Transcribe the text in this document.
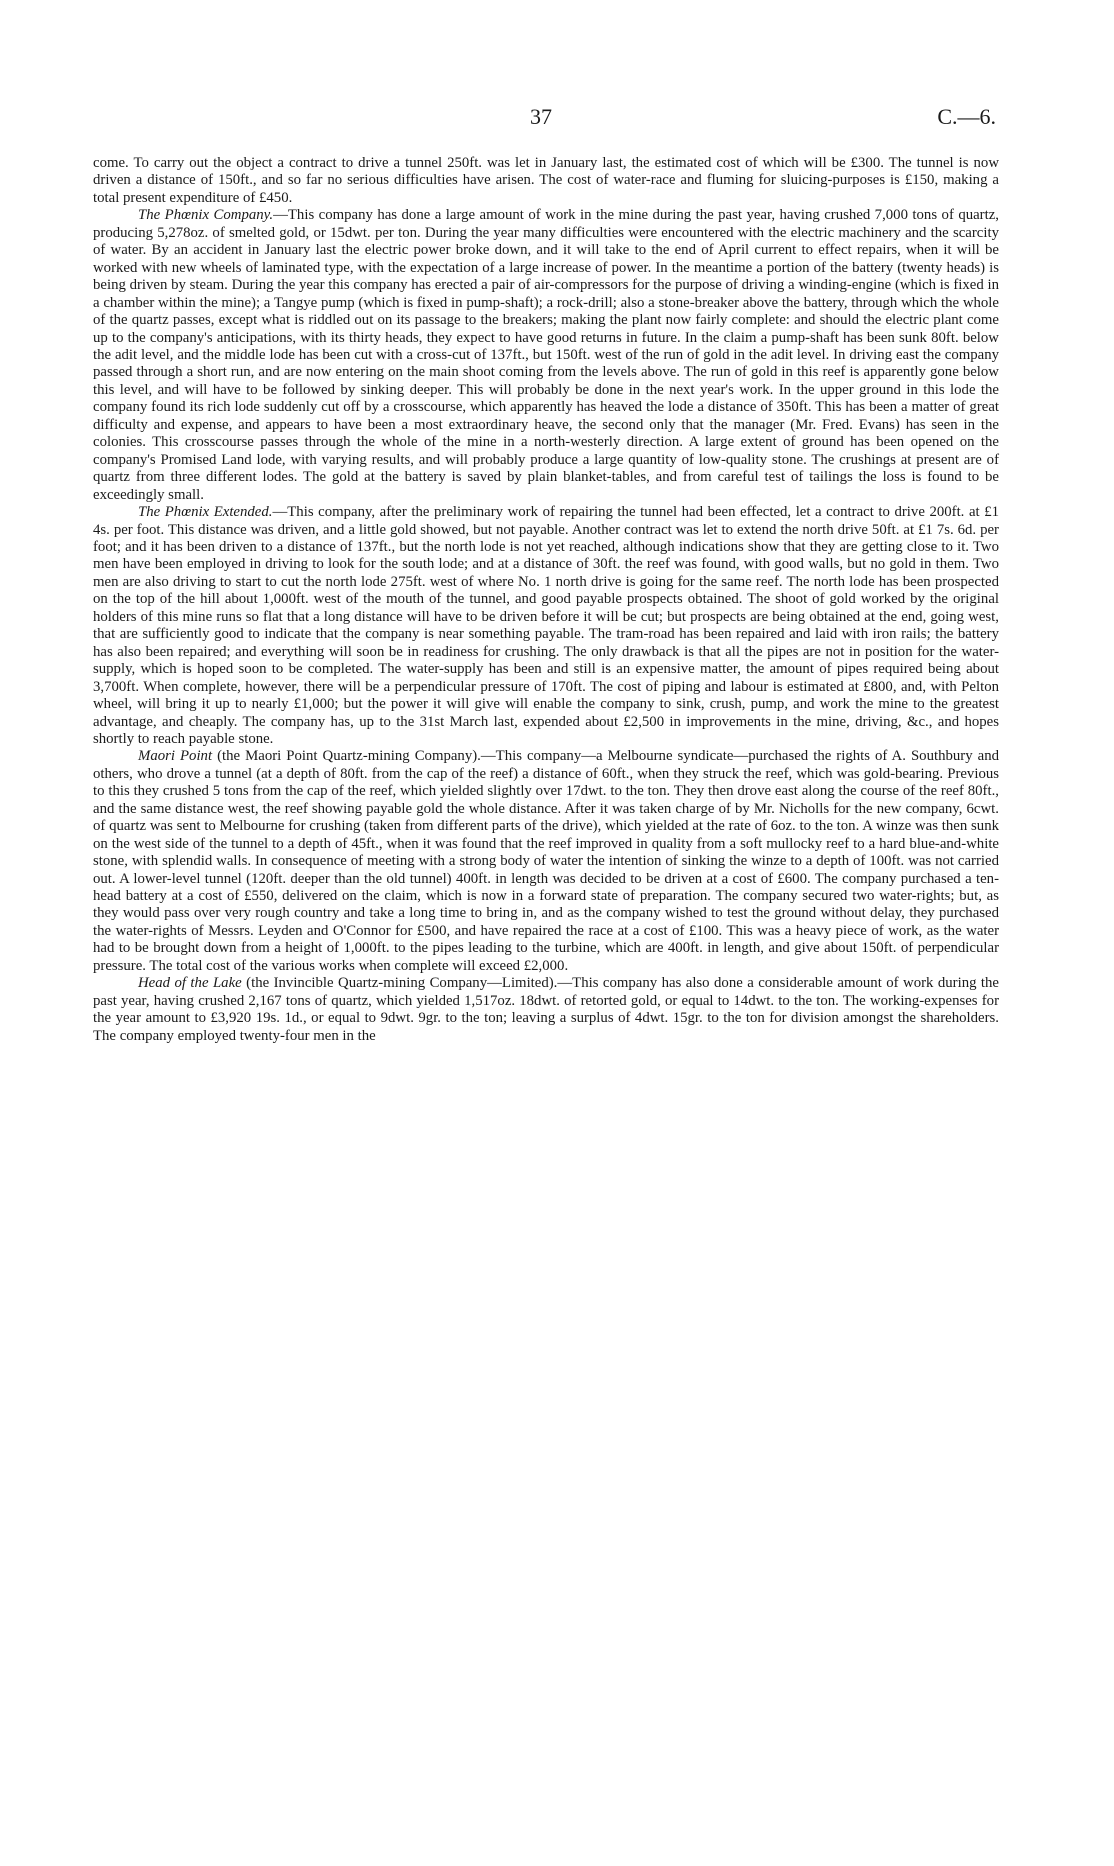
37	C.—6.

come. To carry out the object a contract to drive a tunnel 250ft. was let in January last, the estimated cost of which will be £300. The tunnel is now driven a distance of 150ft., and so far no serious difficulties have arisen. The cost of water-race and fluming for sluicing-purposes is £150, making a total present expenditure of £450.

The Phœnix Company.—This company has done a large amount of work in the mine during the past year, having crushed 7,000 tons of quartz, producing 5,278oz. of smelted gold, or 15dwt. per ton. During the year many difficulties were encountered with the electric machinery and the scarcity of water. By an accident in January last the electric power broke down, and it will take to the end of April current to effect repairs, when it will be worked with new wheels of laminated type, with the expectation of a large increase of power. In the meantime a portion of the battery (twenty heads) is being driven by steam. During the year this company has erected a pair of air-compressors for the purpose of driving a winding-engine (which is fixed in a chamber within the mine); a Tangye pump (which is fixed in pump-shaft); a rock-drill; also a stone-breaker above the battery, through which the whole of the quartz passes, except what is riddled out on its passage to the breakers; making the plant now fairly complete: and should the electric plant come up to the company's anticipations, with its thirty heads, they expect to have good returns in future. In the claim a pump-shaft has been sunk 80ft. below the adit level, and the middle lode has been cut with a cross-cut of 137ft., but 150ft. west of the run of gold in the adit level. In driving east the company passed through a short run, and are now entering on the main shoot coming from the levels above. The run of gold in this reef is apparently gone below this level, and will have to be followed by sinking deeper. This will probably be done in the next year's work. In the upper ground in this lode the company found its rich lode suddenly cut off by a crosscourse, which apparently has heaved the lode a distance of 350ft. This has been a matter of great difficulty and expense, and appears to have been a most extraordinary heave, the second only that the manager (Mr. Fred. Evans) has seen in the colonies. This crosscourse passes through the whole of the mine in a north-westerly direction. A large extent of ground has been opened on the company's Promised Land lode, with varying results, and will probably produce a large quantity of low-quality stone. The crushings at present are of quartz from three different lodes. The gold at the battery is saved by plain blanket-tables, and from careful test of tailings the loss is found to be exceedingly small.

The Phœnix Extended.—This company, after the preliminary work of repairing the tunnel had been effected, let a contract to drive 200ft. at £1 4s. per foot. This distance was driven, and a little gold showed, but not payable. Another contract was let to extend the north drive 50ft. at £1 7s. 6d. per foot; and it has been driven to a distance of 137ft., but the north lode is not yet reached, although indications show that they are getting close to it. Two men have been employed in driving to look for the south lode; and at a distance of 30ft. the reef was found, with good walls, but no gold in them. Two men are also driving to start to cut the north lode 275ft. west of where No. 1 north drive is going for the same reef. The north lode has been prospected on the top of the hill about 1,000ft. west of the mouth of the tunnel, and good payable prospects obtained. The shoot of gold worked by the original holders of this mine runs so flat that a long distance will have to be driven before it will be cut; but prospects are being obtained at the end, going west, that are sufficiently good to indicate that the company is near something payable. The tram-road has been repaired and laid with iron rails; the battery has also been repaired; and everything will soon be in readiness for crushing. The only drawback is that all the pipes are not in position for the water-supply, which is hoped soon to be completed. The water-supply has been and still is an expensive matter, the amount of pipes required being about 3,700ft. When complete, however, there will be a perpendicular pressure of 170ft. The cost of piping and labour is estimated at £800, and, with Pelton wheel, will bring it up to nearly £1,000; but the power it will give will enable the company to sink, crush, pump, and work the mine to the greatest advantage, and cheaply. The company has, up to the 31st March last, expended about £2,500 in improvements in the mine, driving, &c., and hopes shortly to reach payable stone.

Maori Point (the Maori Point Quartz-mining Company).—This company—a Melbourne syndicate—purchased the rights of A. Southbury and others, who drove a tunnel (at a depth of 80ft. from the cap of the reef) a distance of 60ft., when they struck the reef, which was gold-bearing. Previous to this they crushed 5 tons from the cap of the reef, which yielded slightly over 17dwt. to the ton. They then drove east along the course of the reef 80ft., and the same distance west, the reef showing payable gold the whole distance. After it was taken charge of by Mr. Nicholls for the new company, 6cwt. of quartz was sent to Melbourne for crushing (taken from different parts of the drive), which yielded at the rate of 6oz. to the ton. A winze was then sunk on the west side of the tunnel to a depth of 45ft., when it was found that the reef improved in quality from a soft mullocky reef to a hard blue-and-white stone, with splendid walls. In consequence of meeting with a strong body of water the intention of sinking the winze to a depth of 100ft. was not carried out. A lower-level tunnel (120ft. deeper than the old tunnel) 400ft. in length was decided to be driven at a cost of £600. The company purchased a ten-head battery at a cost of £550, delivered on the claim, which is now in a forward state of preparation. The company secured two water-rights; but, as they would pass over very rough country and take a long time to bring in, and as the company wished to test the ground without delay, they purchased the water-rights of Messrs. Leyden and O'Connor for £500, and have repaired the race at a cost of £100. This was a heavy piece of work, as the water had to be brought down from a height of 1,000ft. to the pipes leading to the turbine, which are 400ft. in length, and give about 150ft. of perpendicular pressure. The total cost of the various works when complete will exceed £2,000.

Head of the Lake (the Invincible Quartz-mining Company—Limited).—This company has also done a considerable amount of work during the past year, having crushed 2,167 tons of quartz, which yielded 1,517oz. 18dwt. of retorted gold, or equal to 14dwt. to the ton. The working-expenses for the year amount to £3,920 19s. 1d., or equal to 9dwt. 9gr. to the ton; leaving a surplus of 4dwt. 15gr. to the ton for division amongst the shareholders. The company employed twenty-four men in the
